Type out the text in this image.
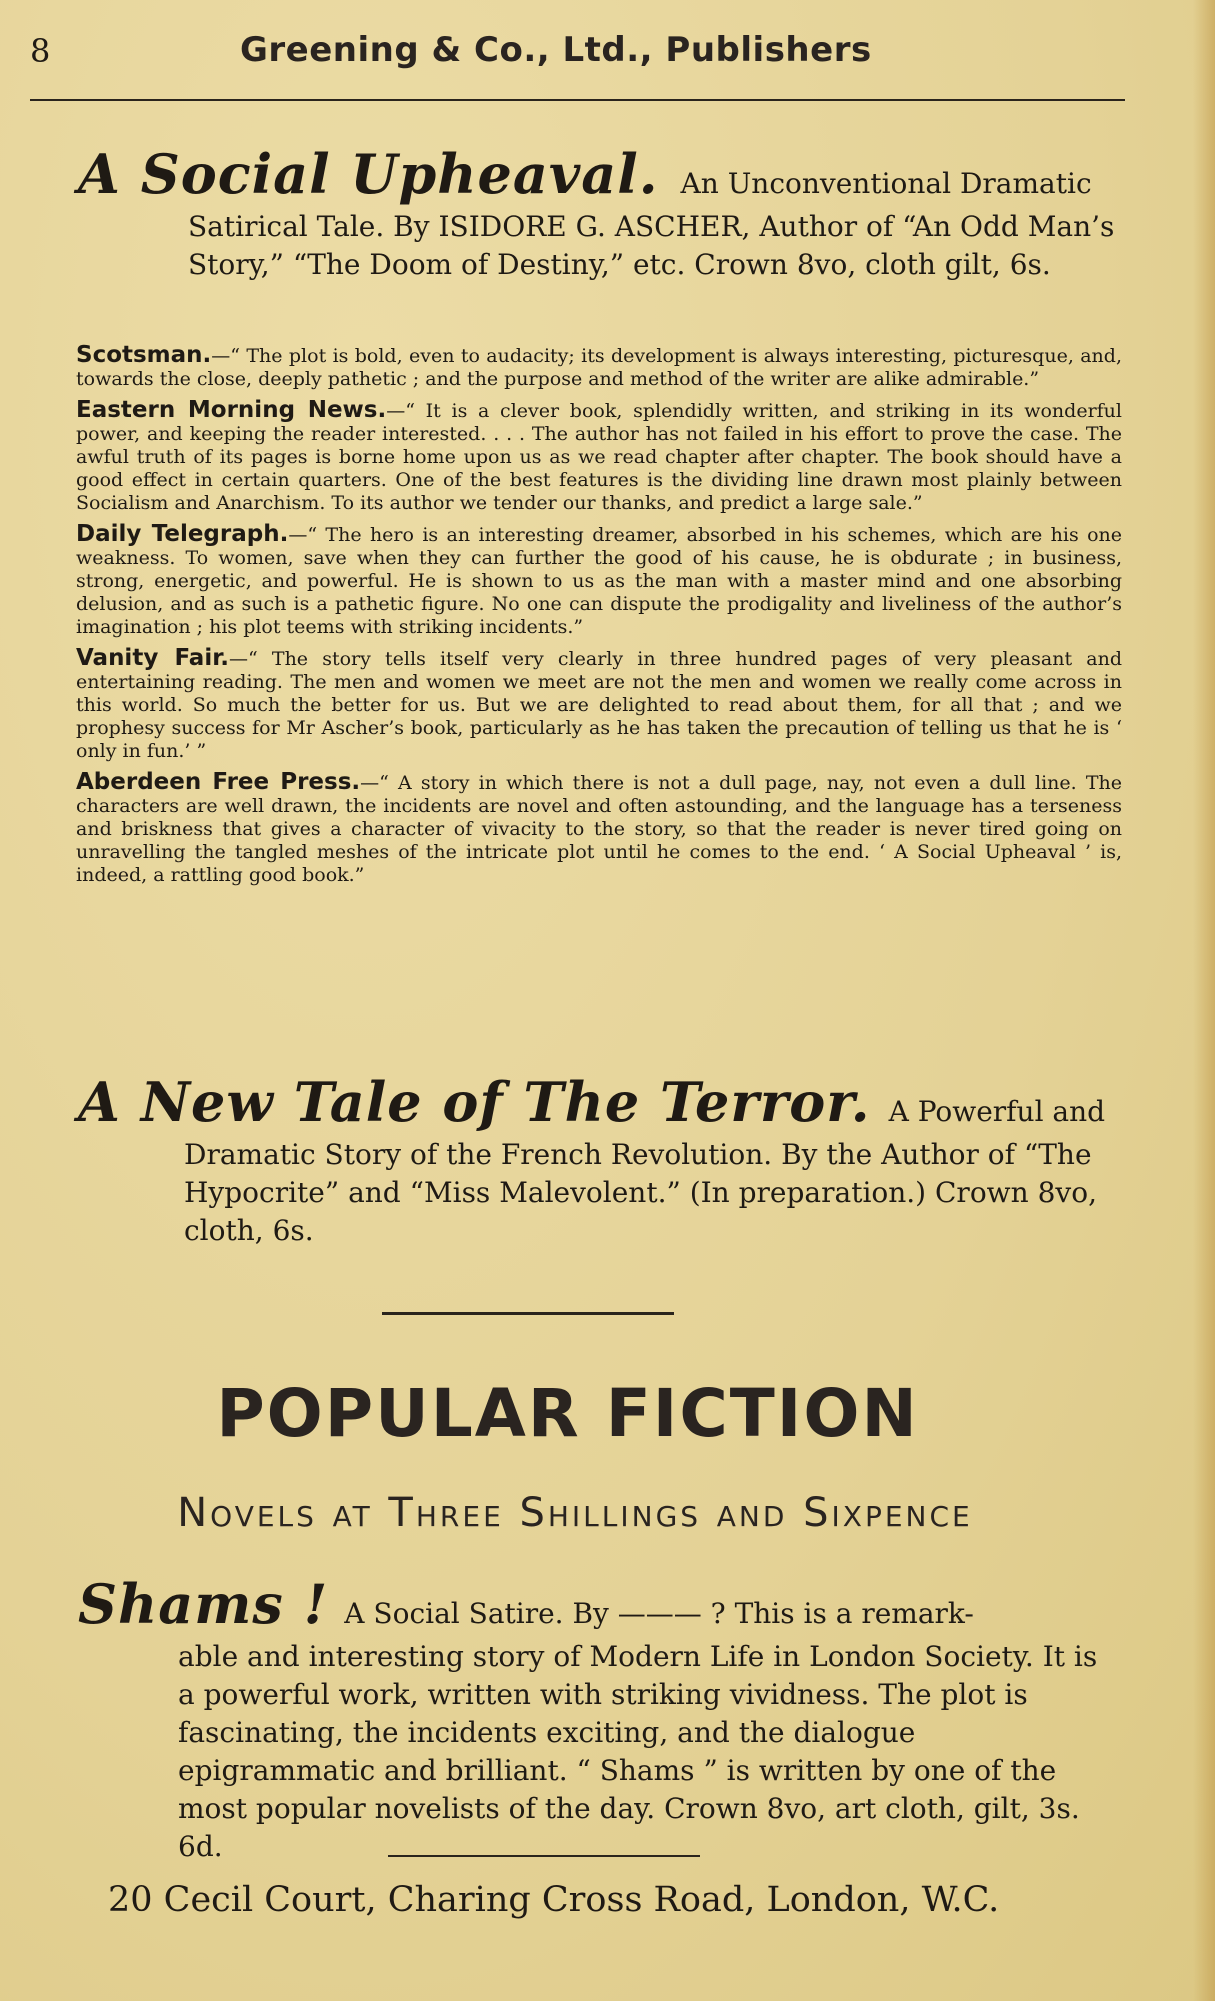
8	Greening & Co., Ltd., Publishers
A Social Upheaval. An Unconventional Dramatic
Satirical Tale. By ISIDORE G. ASCHER, Author of “An Odd Man’s Story,” “The Doom of Destiny,” etc. Crown 8vo, cloth gilt, 6s.

Scotsman.—“ The plot is bold, even to audacity; its development is always interesting, picturesque, and, towards the close, deeply pathetic ; and the purpose and method of the writer are alike admirable.”

Eastern Morning News.—“ It is a clever book, splendidly written, and striking in its wonderful power, and keeping the reader interested. . . . The author has not failed in his effort to prove the case. The awful truth of its pages is borne home upon us as we read chapter after chapter. The book should have a good effect in certain quarters. One of the best features is the dividing line drawn most plainly between Socialism and Anarchism. To its author we tender our thanks, and predict a large sale.”

Daily Telegraph.—“ The hero is an interesting dreamer, absorbed in his schemes, which are his one weakness. To women, save when they can further the good of his cause, he is obdurate ; in business, strong, energetic, and powerful. He is shown to us as the man with a master mind and one absorbing delusion, and as such is a pathetic figure. No one can dispute the prodigality and liveliness of the author’s imagination ; his plot teems with striking incidents.”

Vanity Fair.—“ The story tells itself very clearly in three hundred pages of very pleasant and entertaining reading. The men and women we meet are not the men and women we really come across in this world. So much the better for us. But we are delighted to read about them, for all that ; and we prophesy success for Mr Ascher’s book, particularly as he has taken the precaution of telling us that he is ‘ only in fun.’ ”

Aberdeen Free Press.—“ A story in which there is not a dull page, nay, not even a dull line. The characters are well drawn, the incidents are novel and often astounding, and the language has a terseness and briskness that gives a character of vivacity to the story, so that the reader is never tired going on unravelling the tangled meshes of the intricate plot until he comes to the end. ‘ A Social Upheaval ’ is, indeed, a rattling good book.”

A New Tale of The Terror. A Powerful and
Dramatic Story of the French Revolution. By the Author of “The Hypocrite” and “Miss Malevolent.” (In preparation.) Crown 8vo, cloth, 6s.
POPULAR FICTION
Novels at Three Shillings and Sixpence
Shams ! A Social Satire. By ——— ? This is a remark-
able and interesting story of Modern Life in London Society. It is a powerful work, written with striking vividness. The plot is fascinating, the incidents exciting, and the dialogue epigrammatic and brilliant. “ Shams ” is written by one of the most popular novelists of the day. Crown 8vo, art cloth, gilt, 3s. 6d.
20 Cecil Court, Charing Cross Road, London, W.C.
